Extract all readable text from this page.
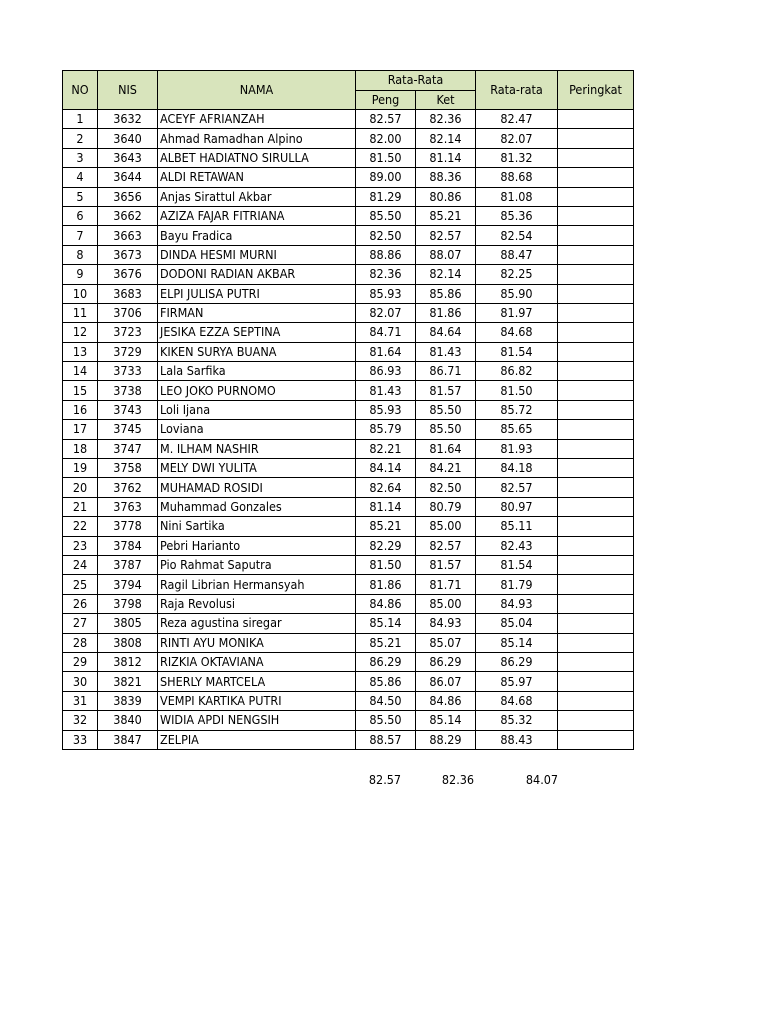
NO	NIS	NAMA	Rata-Rata		Rata-rata	Peringkat
			Peng	Ket		
1	3632	ACEYF AFRIANZAH	82.57	82.36	82.47	
2	3640	Ahmad Ramadhan Alpino	82.00	82.14	82.07	
3	3643	ALBET HADIATNO SIRULLA	81.50	81.14	81.32	
4	3644	ALDI RETAWAN	89.00	88.36	88.68	
5	3656	Anjas Sirattul Akbar	81.29	80.86	81.08	
6	3662	AZIZA FAJAR FITRIANA	85.50	85.21	85.36	
7	3663	Bayu Fradica	82.50	82.57	82.54	
8	3673	DINDA HESMI MURNI	88.86	88.07	88.47	
9	3676	DODONI RADIAN AKBAR	82.36	82.14	82.25	
10	3683	ELPI JULISA PUTRI	85.93	85.86	85.90	
11	3706	FIRMAN	82.07	81.86	81.97	
12	3723	JESIKA EZZA SEPTINA	84.71	84.64	84.68	
13	3729	KIKEN SURYA BUANA	81.64	81.43	81.54	
14	3733	Lala Sarfika	86.93	86.71	86.82	
15	3738	LEO JOKO PURNOMO	81.43	81.57	81.50	
16	3743	Loli Ijana	85.93	85.50	85.72	
17	3745	Loviana	85.79	85.50	85.65	
18	3747	M. ILHAM NASHIR	82.21	81.64	81.93	
19	3758	MELY DWI YULITA	84.14	84.21	84.18	
20	3762	MUHAMAD ROSIDI	82.64	82.50	82.57	
21	3763	Muhammad Gonzales	81.14	80.79	80.97	
22	3778	Nini Sartika	85.21	85.00	85.11	
23	3784	Pebri Harianto	82.29	82.57	82.43	
24	3787	Pio Rahmat Saputra	81.50	81.57	81.54	
25	3794	Ragil Librian Hermansyah	81.86	81.71	81.79	
26	3798	Raja Revolusi	84.86	85.00	84.93	
27	3805	Reza agustina siregar	85.14	84.93	85.04	
28	3808	RINTI AYU MONIKA	85.21	85.07	85.14	
29	3812	RIZKIA OKTAVIANA	86.29	86.29	86.29	
30	3821	SHERLY MARTCELA	85.86	86.07	85.97	
31	3839	VEMPI KARTIKA PUTRI	84.50	84.86	84.68	
32	3840	WIDIA APDI NENGSIH	85.50	85.14	85.32	
33	3847	ZELPIA	88.57	88.29	88.43	
82.57	82.36	84.07
